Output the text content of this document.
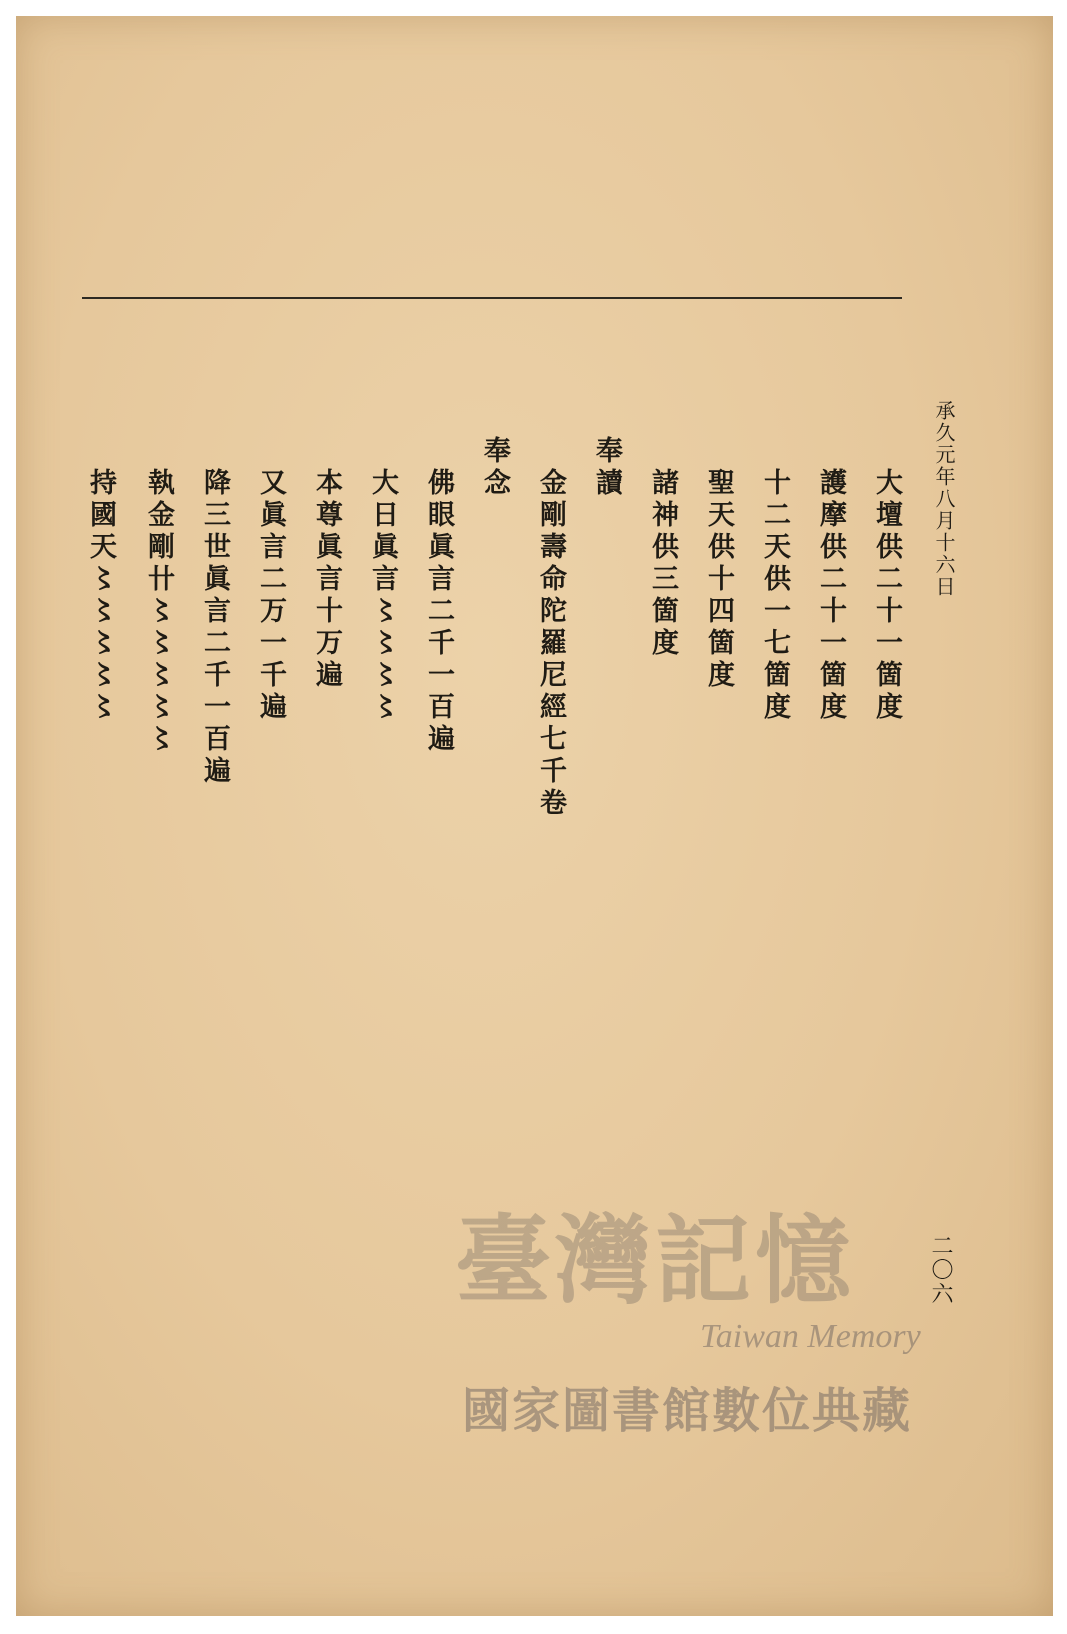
承久元年八月十六日
大壇供二十一箇度
護摩供二十一箇度
十二天供一七箇度
聖天供十四箇度
諸神供三箇度
奉讀
金剛壽命陀羅尼經七千卷
奉念
佛眼眞言二千一百遍
大日眞言〻〻〻〻
本尊眞言十万遍
又眞言二万一千遍
降三世眞言二千一百遍
執金剛卄〻〻〻〻〻
持國天〻〻〻〻〻
二〇六
臺灣記憶
Taiwan Memory
國家圖書館數位典藏
